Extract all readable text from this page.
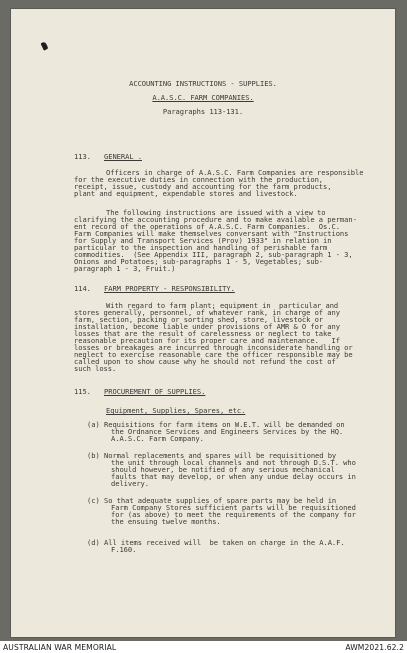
ACCOUNTING INSTRUCTIONS - SUPPLIES.
A.A.S.C. FARM COMPANIES.
Paragraphs 113-131.
113. GENERAL .
Officers in charge of A.A.S.C. Farm Companies are responsible
for the executive duties in connection with the production,
receipt, issue, custody and accounting for the farm products,
plant and equipment, expendable stores and livestock.
The following instructions are issued with a view to
clarifying the accounting procedure and to make available a perman-
ent record of the operations of A.A.S.C. Farm Companies.  Os.C.
Farm Companies will make themselves conversant with "Instructions
for Supply and Transport Services (Prov) 1933" in relation in
particular to the inspection and handling of perishable farm
commodities.  (See Appendix III, paragraph 2, sub-paragraph 1 - 3,
Onions and Potatoes; sub-paragraphs 1 - 5, Vegetables; sub-
paragraph 1 - 3, Fruit.)
114. FARM PROPERTY - RESPONSIBILITY.
With regard to farm plant; equipment in  particular and
stores generally, personnel, of whatever rank, in charge of any
farm, section, packing or sorting shed, store, livestock or
installation, become liable under provisions of AMR & O for any
losses that are the result of carelessness or neglect to take
reasonable precaution for its proper care and maintenance.   If
losses or breakages are incurred through inconsiderate handling or
neglect to exercise reasonable care the officer responsible may be
called upon to show cause why he should not refund the cost of
such loss.
115. PROCUREMENT OF SUPPLIES.
Equipment, Supplies, Spares, etc.
(a) Requisitions for farm items on W.E.T. will be demanded on
the Ordnance Services and Engineers Services by the HQ.
A.A.S.C. Farm Company.
(b) Normal replacements and spares will be requisitioned by
the unit through local channels and not through D.S.T. who
should however, be notified of any serious mechanical
faults that may develop, or when any undue delay occurs in
delivery.
(c) So that adequate supplies of spare parts may be held in
Farm Company Stores sufficient parts will be requisitioned
for (as above) to meet the requirements of the company for
the ensuing twelve months.
(d) All items received will  be taken on charge in the A.A.F.
F.160.
AUSTRALIAN WAR MEMORIAL	AWM2021.62.2
